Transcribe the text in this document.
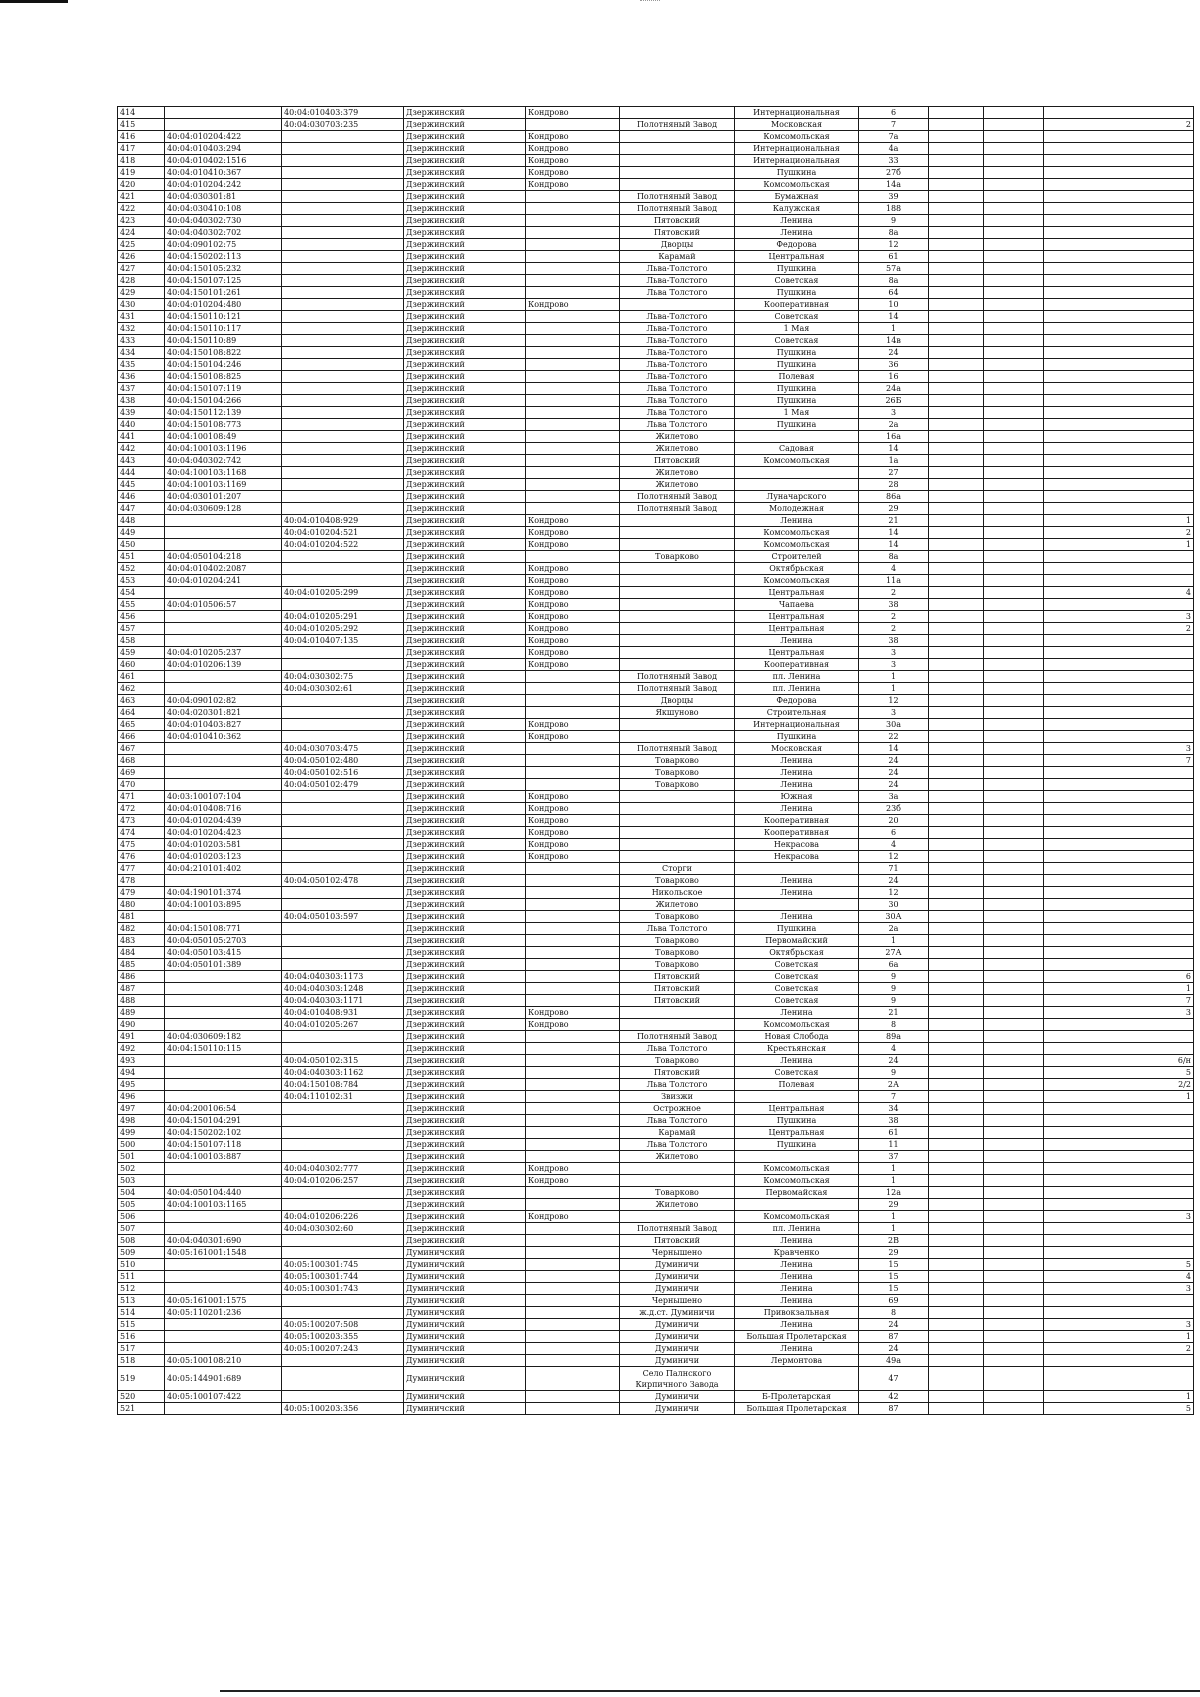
414		40:04:010403:379	Дзержинский	Кондрово		Интернациональная	6			
415		40:04:030703:235	Дзержинский		Полотняный Завод	Московская	7			2
416	40:04:010204:422		Дзержинский	Кондрово		Комсомольская	7а			
417	40:04:010403:294		Дзержинский	Кондрово		Интернациональная	4а			
418	40:04:010402:1516		Дзержинский	Кондрово		Интернациональная	33			
419	40:04:010410:367		Дзержинский	Кондрово		Пушкина	27б			
420	40:04:010204:242		Дзержинский	Кондрово		Комсомольская	14а			
421	40:04:030301:81		Дзержинский		Полотняный Завод	Бумажная	39			
422	40:04:030410:108		Дзержинский		Полотняный Завод	Калужская	188			
423	40:04:040302:730		Дзержинский		Пятовский	Ленина	9			
424	40:04:040302:702		Дзержинский		Пятовский	Ленина	8а			
425	40:04:090102:75		Дзержинский		Дворцы	Федорова	12			
426	40:04:150202:113		Дзержинский		Карамай	Центральная	61			
427	40:04:150105:232		Дзержинский		Льва-Толстого	Пушкина	57а			
428	40:04:150107:125		Дзержинский		Льва-Толстого	Советская	8а			
429	40:04:150101:261		Дзержинский		Льва Толстого	Пушкина	64			
430	40:04:010204:480		Дзержинский	Кондрово		Кооперативная	10			
431	40:04:150110:121		Дзержинский		Льва-Толстого	Советская	14			
432	40:04:150110:117		Дзержинский		Льва-Толстого	1 Мая	1			
433	40:04:150110:89		Дзержинский		Льва-Толстого	Советская	14в			
434	40:04:150108:822		Дзержинский		Льва-Толстого	Пушкина	24			
435	40:04:150104:246		Дзержинский		Льва-Толстого	Пушкина	36			
436	40:04:150108:825		Дзержинский		Льва-Толстого	Полевая	16			
437	40:04:150107:119		Дзержинский		Льва Толстого	Пушкина	24а			
438	40:04:150104:266		Дзержинский		Льва Толстого	Пушкина	26Б			
439	40:04:150112:139		Дзержинский		Льва Толстого	1 Мая	3			
440	40:04:150108:773		Дзержинский		Льва Толстого	Пушкина	2а			
441	40:04:100108:49		Дзержинский		Жилетово		16а			
442	40:04:100103:1196		Дзержинский		Жилетово	Садовая	14			
443	40:04:040302:742		Дзержинский		Пятовский	Комсомольская	1а			
444	40:04:100103:1168		Дзержинский		Жилетово		27			
445	40:04:100103:1169		Дзержинский		Жилетово		28			
446	40:04:030101:207		Дзержинский		Полотняный Завод	Луначарского	86а			
447	40:04:030609:128		Дзержинский		Полотняный Завод	Молодежная	29			
448		40:04:010408:929	Дзержинский	Кондрово		Ленина	21			1
449		40:04:010204:521	Дзержинский	Кондрово		Комсомольская	14			2
450		40:04:010204:522	Дзержинский	Кондрово		Комсомольская	14			1
451	40:04:050104:218		Дзержинский		Товарково	Строителей	8а			
452	40:04:010402:2087		Дзержинский	Кондрово		Октябрьская	4			
453	40:04:010204:241		Дзержинский	Кондрово		Комсомольская	11а			
454		40:04:010205:299	Дзержинский	Кондрово		Центральная	2			4
455	40:04:010506:57		Дзержинский	Кондрово		Чапаева	38			
456		40:04:010205:291	Дзержинский	Кондрово		Центральная	2			3
457		40:04:010205:292	Дзержинский	Кондрово		Центральная	2			2
458		40:04:010407:135	Дзержинский	Кондрово		Ленина	38			
459	40:04:010205:237		Дзержинский	Кондрово		Центральная	3			
460	40:04:010206:139		Дзержинский	Кондрово		Кооперативная	3			
461		40:04:030302:75	Дзержинский		Полотняный Завод	пл. Ленина	1			
462		40:04:030302:61	Дзержинский		Полотняный Завод	пл. Ленина	1			
463	40:04:090102:82		Дзержинский		Дворцы	Федорова	12			
464	40:04:020301:821		Дзержинский		Якшуново	Строительная	3			
465	40:04:010403:827		Дзержинский	Кондрово		Интернациональная	30а			
466	40:04:010410:362		Дзержинский	Кондрово		Пушкина	22			
467		40:04:030703:475	Дзержинский		Полотняный Завод	Московская	14			3
468		40:04:050102:480	Дзержинский		Товарково	Ленина	24			7
469		40:04:050102:516	Дзержинский		Товарково	Ленина	24			
470		40:04:050102:479	Дзержинский		Товарково	Ленина	24			
471	40:03:100107:104		Дзержинский	Кондрово		Южная	3а			
472	40:04:010408:716		Дзержинский	Кондрово		Ленина	23б			
473	40:04:010204:439		Дзержинский	Кондрово		Кооперативная	20			
474	40:04:010204:423		Дзержинский	Кондрово		Кооперативная	6			
475	40:04:010203:581		Дзержинский	Кондрово		Некрасова	4			
476	40:04:010203:123		Дзержинский	Кондрово		Некрасова	12			
477	40:04:210101:402		Дзержинский		Сторги		71			
478		40:04:050102:478	Дзержинский		Товарково	Ленина	24			
479	40:04:190101:374		Дзержинский		Никольское	Ленина	12			
480	40:04:100103:895		Дзержинский		Жилетово		30			
481		40:04:050103:597	Дзержинский		Товарково	Ленина	30А			
482	40:04:150108:771		Дзержинский		Льва Толстого	Пушкина	2а			
483	40:04:050105:2703		Дзержинский		Товарково	Первомайский	1			
484	40:04:050103:415		Дзержинский		Товарково	Октябрьская	27А			
485	40:04:050101:389		Дзержинский		Товарково	Советская	6а			
486		40:04:040303:1173	Дзержинский		Пятовский	Советская	9			6
487		40:04:040303:1248	Дзержинский		Пятовский	Советская	9			1
488		40:04:040303:1171	Дзержинский		Пятовский	Советская	9			7
489		40:04:010408:931	Дзержинский	Кондрово		Ленина	21			3
490		40:04:010205:267	Дзержинский	Кондрово		Комсомольская	8			
491	40:04:030609:182		Дзержинский		Полотняный Завод	Новая Слобода	89а			
492	40:04:150110:115		Дзержинский		Льва Толстого	Крестьянская	4			
493		40:04:050102:315	Дзержинский		Товарково	Ленина	24			6/н
494		40:04:040303:1162	Дзержинский		Пятовский	Советская	9			5
495		40:04:150108:784	Дзержинский		Льва Толстого	Полевая	2А			2/2
496		40:04:110102:31	Дзержинский		Звизжи		7			1
497	40:04:200106:54		Дзержинский		Острожное	Центральная	34			
498	40:04:150104:291		Дзержинский		Льва Толстого	Пушкина	38			
499	40:04:150202:102		Дзержинский		Карамай	Центральная	61			
500	40:04:150107:118		Дзержинский		Льва Толстого	Пушкина	11			
501	40:04:100103:887		Дзержинский		Жилетово		37			
502		40:04:040302:777	Дзержинский	Кондрово		Комсомольская	1			
503		40:04:010206:257	Дзержинский	Кондрово		Комсомольская	1			
504	40:04:050104:440		Дзержинский		Товарково	Первомайская	12а			
505	40:04:100103:1165		Дзержинский		Жилетово		29			
506		40:04:010206:226	Дзержинский	Кондрово		Комсомольская	1			3
507		40:04:030302:60	Дзержинский		Полотняный Завод	пл. Ленина	1			
508	40:04:040301:690		Дзержинский		Пятовский	Ленина	2В			
509	40:05:161001:1548		Думиничский		Чернышено	Кравченко	29			
510		40:05:100301:745	Думиничский		Думиничи	Ленина	15			5
511		40:05:100301:744	Думиничский		Думиничи	Ленина	15			4
512		40:05:100301:743	Думиничский		Думиничи	Ленина	15			3
513	40:05:161001:1575		Думиничский		Чернышено	Ленина	69			
514	40:05:110201:236		Думиничский		ж.д.ст. Думиничи	Привокзальная	8			
515		40:05:100207:508	Думиничский		Думиничи	Ленина	24			3
516		40:05:100203:355	Думиничский		Думиничи	Большая Пролетарская	87			1
517		40:05:100207:243	Думиничский		Думиничи	Ленина	24			2
518	40:05:100108:210		Думиничский		Думиничи	Лермонтова	49а			
519	40:05:144901:689		Думиничский		Село Палнского Кирпичного Завода		47			
520	40:05:100107:422		Думиничский		Думиничи	Б-Пролетарская	42			1
521		40:05:100203:356	Думиничский		Думиничи	Большая Пролетарская	87			5
